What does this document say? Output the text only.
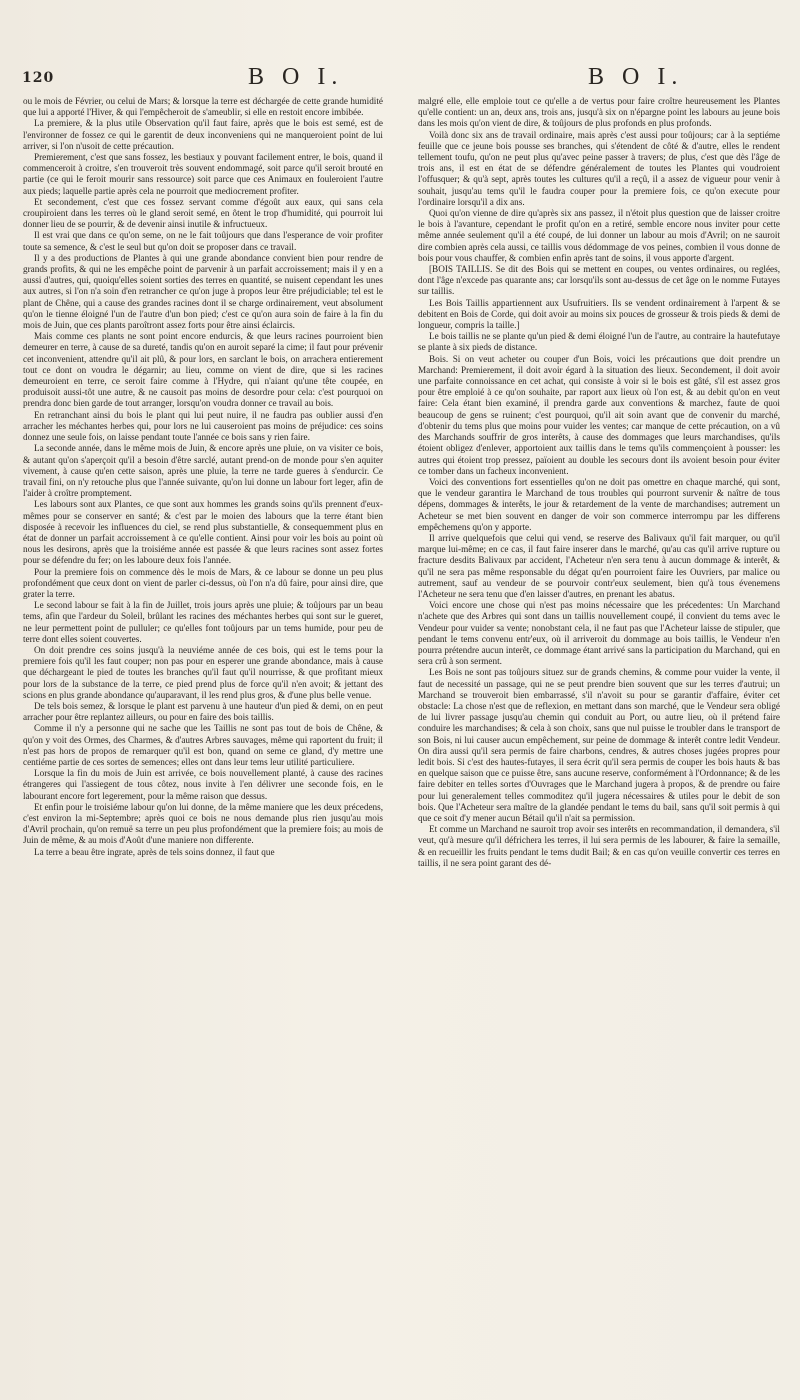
120	B O I.	B O I.

ou le mois de Février, ou celui de Mars; & lorsque la terre est déchargée de cette grande humidité que lui a apporté l'Hiver, & qui l'empêcheroit de s'ameublir, si elle en restoit encore imbibée.

La premiere, & la plus utile Observation qu'il faut faire, après que le bois est semé, est de l'environner de fossez ce qui le garentit de deux inconveniens qui ne manqueroient point de lui arriver, si l'on n'usoit de cette précaution.

Premierement, c'est que sans fossez, les bestiaux y pouvant facilement entrer, le bois, quand il commenceroit à croitre, s'en trouveroit très souvent endommagé, soit parce qu'il seroit brouté en partie (ce qui le feroit mourir sans ressource) soit parce que ces Animaux en fouleroient l'autre aux pieds; laquelle partie après cela ne pourroit que mediocrement profiter.

Et secondement, c'est que ces fossez servant comme d'égoût aux eaux, qui sans cela croupiroient dans les terres où le gland seroit semé, en ôtent le trop d'humidité, qui pourroit lui donner lieu de se pourrir, & de devenir ainsi inutile & infructueux.

Il est vrai que dans ce qu'on seme, on ne le fait toûjours que dans l'esperance de voir profiter toute sa semence, & c'est le seul but qu'on doit se proposer dans ce travail.

Il y a des productions de Plantes à qui une grande abondance convient bien pour rendre de grands profits, & qui ne les empêche point de parvenir à un parfait accroissement; mais il y en a aussi d'autres, qui, quoiqu'elles soient sorties des terres en quantité, se nuisent cependant les unes aux autres, si l'on n'a soin d'en retrancher ce qu'on juge à propos leur être préjudiciable; tel est le plant de Chêne, qui a cause des grandes racines dont il se charge ordinairement, veut absolument qu'on le tienne éloigné l'un de l'autre d'un bon pied; c'est ce qu'on aura soin de faire à la fin du mois de Juin, que ces plants paroîtront assez forts pour être ainsi éclaircis.

Mais comme ces plants ne sont point encore endurcis, & que leurs racines pourroient bien demeurer en terre, à cause de sa dureté, tandis qu'on en auroit separé la cime; il faut pour prévenir cet inconvenient, attendre qu'il ait plû, & pour lors, en sarclant le bois, on arrachera entierement tout ce dont on voudra le dégarnir; au lieu, comme on vient de dire, que si les racines demeuroient en terre, ce seroit faire comme à l'Hydre, qui n'aiant qu'une tête coupée, en produisoit aussi-tôt une autre, & ne causoit pas moins de desordre pour cela: c'est pourquoi on prendra donc bien garde de tout arranger, lorsqu'on voudra donner ce travail au bois.

En retranchant ainsi du bois le plant qui lui peut nuire, il ne faudra pas oublier aussi d'en arracher les méchantes herbes qui, pour lors ne lui causeroient pas moins de préjudice: ces soins donnez une seule fois, on laisse pendant toute l'année ce bois sans y rien faire.

La seconde année, dans le même mois de Juin, & encore après une pluie, on va visiter ce bois, & autant qu'on s'aperçoit qu'il a besoin d'être sarclé, autant prend-on de monde pour s'en aquiter vivement, à cause qu'en cette saison, après une pluie, la terre ne tarde gueres à s'endurcir. Ce travail fini, on n'y retouche plus que l'année suivante, qu'on lui donne un labour fort leger, afin de l'aider à croître promptement.

Les labours sont aux Plantes, ce que sont aux hommes les grands soins qu'ils prennent d'eux-mêmes pour se conserver en santé; & c'est par le moien des labours que la terre étant bien disposée à recevoir les influences du ciel, se rend plus substantielle, & consequemment plus en état de donner un parfait accroissement à ce qu'elle contient. Ainsi pour voir les bois au point où nous les desirons, après que la troisiéme année est passée & que leurs racines sont assez fortes pour se défendre du fer; on les laboure deux fois l'année.

Pour la premiere fois on commence dès le mois de Mars, & ce labour se donne un peu plus profondément que ceux dont on vient de parler ci-dessus, où l'on n'a dû faire, pour ainsi dire, que grater la terre.

Le second labour se fait à la fin de Juillet, trois jours après une pluie; & toûjours par un beau tems, afin que l'ardeur du Soleil, brûlant les racines des méchantes herbes qui sont sur le gueret, ne leur permettent point de pulluler; ce qu'elles font toûjours par un tems humide, pour peu de terre dont elles soient couvertes.

On doit prendre ces soins jusqu'à la neuviéme année de ces bois, qui est le tems pour la premiere fois qu'il les faut couper; non pas pour en esperer une grande abondance, mais à cause que déchargeant le pied de toutes les branches qu'il faut qu'il nourrisse, & que profitant mieux pour lors de la substance de la terre, ce pied prend plus de force qu'il n'en avoit; & jettant des scions en plus grande abondance qu'auparavant, il les rend plus gros, & d'une plus belle venue.

De tels bois semez, & lorsque le plant est parvenu à une hauteur d'un pied & demi, on en peut arracher pour être replantez ailleurs, ou pour en faire des bois taillis.

Comme il n'y a personne qui ne sache que les Taillis ne sont pas tout de bois de Chêne, & qu'on y voit des Ormes, des Charmes, & d'autres Arbres sauvages, même qui raportent du fruit; il n'est pas hors de propos de remarquer qu'il est bon, quand on seme ce gland, d'y mettre une centiéme partie de ces sortes de semences; elles ont dans leur tems leur utilité particuliere.

Lorsque la fin du mois de Juin est arrivée, ce bois nouvellement planté, à cause des racines étrangeres qui l'assiegent de tous côtez, nous invite à l'en délivrer une seconde fois, en le labourant encore fort legerement, pour la même raison que dessus.

Et enfin pour le troisiéme labour qu'on lui donne, de la même maniere que les deux précedens, c'est environ la mi-Septembre; après quoi ce bois ne nous demande plus rien jusqu'au mois d'Avril prochain, qu'on remuë sa terre un peu plus profondément que la premiere fois; au mois de Juin de même, & au mois d'Août d'une maniere non differente.

La terre a beau être ingrate, après de tels soins donnez, il faut que

malgré elle, elle emploie tout ce qu'elle a de vertus pour faire croître heureusement les Plantes qu'elle contient: un an, deux ans, trois ans, jusqu'à six on n'épargne point les labours au jeune bois dans les mois qu'on vient de dire, & toûjours de plus profonds en plus profonds.

Voilà donc six ans de travail ordinaire, mais après c'est aussi pour toûjours; car à la septiéme feuille que ce jeune bois pousse ses branches, qui s'étendent de côté & d'autre, elles le rendent tellement toufu, qu'on ne peut plus qu'avec peine passer à travers; de plus, c'est que dès l'âge de trois ans, il est en état de se défendre généralement de toutes les Plantes qui voudroient l'offusquer; & qu'à sept, après toutes les cultures qu'il a reçû, il a assez de vigueur pour venir à souhait, jusqu'au tems qu'il le faudra couper pour la premiere fois, ce qu'on execute pour l'ordinaire lorsqu'il a dix ans.

Quoi qu'on vienne de dire qu'après six ans passez, il n'étoit plus question que de laisser croitre le bois à l'avanture, cependant le profit qu'on en a retiré, semble encore nous inviter pour cette même année seulement qu'il a été coupé, de lui donner un labour au mois d'Avril; on ne sauroit dire combien après cela aussi, ce taillis vous dédommage de vos peines, combien il vous donne de bois pour vous chauffer, & combien enfin après tant de soins, il vous apporte d'argent.

[BOIS TAILLIS. Se dit des Bois qui se mettent en coupes, ou ventes ordinaires, ou reglées, dont l'âge n'excede pas quarante ans; car lorsqu'ils sont au-dessus de cet âge on le nomme Futayes sur taillis.

Les Bois Taillis appartiennent aux Usufruitiers. Ils se vendent ordinairement à l'arpent & se debitent en Bois de Corde, qui doit avoir au moins six pouces de grosseur & trois pieds & demi de longueur, compris la taille.]

Le bois taillis ne se plante qu'un pied & demi éloigné l'un de l'autre, au contraire la hautefutaye se plante à six pieds de distance.

Bois. Si on veut acheter ou couper d'un Bois, voici les précautions que doit prendre un Marchand: Premierement, il doit avoir égard à la situation des lieux. Secondement, il doit avoir une parfaite connoissance en cet achat, qui consiste à voir si le bois est gâté, s'il est assez gros pour être emploié à ce qu'on souhaite, par raport aux lieux où l'on est, & au debit qu'on en veut faire: Cela étant bien examiné, il prendra garde aux conventions & marchez, faute de quoi beaucoup de gens se ruinent; c'est pourquoi, qu'il ait soin avant que de convenir du marché, d'obtenir du tems plus que moins pour vuider les ventes; car manque de cette précaution, on a vû des Marchands souffrir de gros interêts, à cause des dommages que leurs marchandises, qu'ils étoient obligez d'enlever, apportoient aux taillis dans le tems qu'ils commençoient à pousser: les autres qui étoient trop pressez, païoient au double les secours dont ils avoient besoin pour éviter ce tomber dans un facheux inconvenient.

Voici des conventions fort essentielles qu'on ne doit pas omettre en chaque marché, qui sont, que le vendeur garantira le Marchand de tous troubles qui pourront survenir & naître de tous dépens, dommages & interêts, le jour & retardement de la vente de marchandises; autrement un Acheteur se met bien souvent en danger de voir son commerce interrompu par les differens empêchemens qu'on y apporte.

Il arrive quelquefois que celui qui vend, se reserve des Balivaux qu'il fait marquer, ou qu'il marque lui-même; en ce cas, il faut faire inserer dans le marché, qu'au cas qu'il arrive rupture ou fracture desdits Balivaux par accident, l'Acheteur n'en sera tenu à aucun dommage & interêt, & qu'il ne sera pas même responsable du dégat qu'en pourroient faire les Ouvriers, par malice ou autrement, sauf au vendeur de se pourvoir contr'eux seulement, bien qu'à tous évenemens l'Acheteur ne sera tenu que d'en laisser d'autres, en prenant les abatus.

Voici encore une chose qui n'est pas moins nécessaire que les précedentes: Un Marchand n'achete que des Arbres qui sont dans un taillis nouvellement coupé, il convient du tems avec le Vendeur pour vuider sa vente; nonobstant cela, il ne faut pas que l'Acheteur laisse de stipuler, que pendant le tems convenu entr'eux, où il arriveroit du dommage au bois taillis, le Vendeur n'en pourra prétendre aucun interêt, ce dommage étant arrivé sans la participation du Marchand, qui en sera crû à son serment.

Les Bois ne sont pas toûjours situez sur de grands chemins, & comme pour vuider la vente, il faut de necessité un passage, qui ne se peut prendre bien souvent que sur les terres d'autrui; un Marchand se trouveroit bien embarrassé, s'il n'avoit su pour se garantir d'affaire, éviter cet obstacle: La chose n'est que de reflexion, en mettant dans son marché, que le Vendeur sera obligé de lui livrer passage jusqu'au chemin qui conduit au Port, ou autre lieu, où il prétend faire conduire les marchandises; & cela à son choix, sans que nul puisse le troubler dans le transport de son Bois, ni lui causer aucun empêchement, sur peine de dommage & interêt contre ledit Vendeur. On dira aussi qu'il sera permis de faire charbons, cendres, & autres choses jugées propres pour ledit bois. Si c'est des hautes-futayes, il sera écrit qu'il sera permis de couper les bois hauts & bas en quelque saison que ce puisse être, sans aucune reserve, conformément à l'Ordonnance; & de les faire debiter en telles sortes d'Ouvrages que le Marchand jugera à propos, & de prendre ou faire pour lui generalement telles commoditez qu'il jugera nécessaires & utiles pour le debit de son bois. Que l'Acheteur sera maître de la glandée pendant le tems du bail, sans qu'il soit permis à qui que ce soit d'y mener aucun Bétail qu'il n'ait sa permission.

Et comme un Marchand ne sauroit trop avoir ses interêts en recommandation, il demandera, s'il veut, qu'à mesure qu'il défrichera les terres, il lui sera permis de les labourer, & faire la semaille, & en recueillir les fruits pendant le tems dudit Bail; & en cas qu'on veuille convertir ces terres en taillis, il ne sera point garant des dé-
